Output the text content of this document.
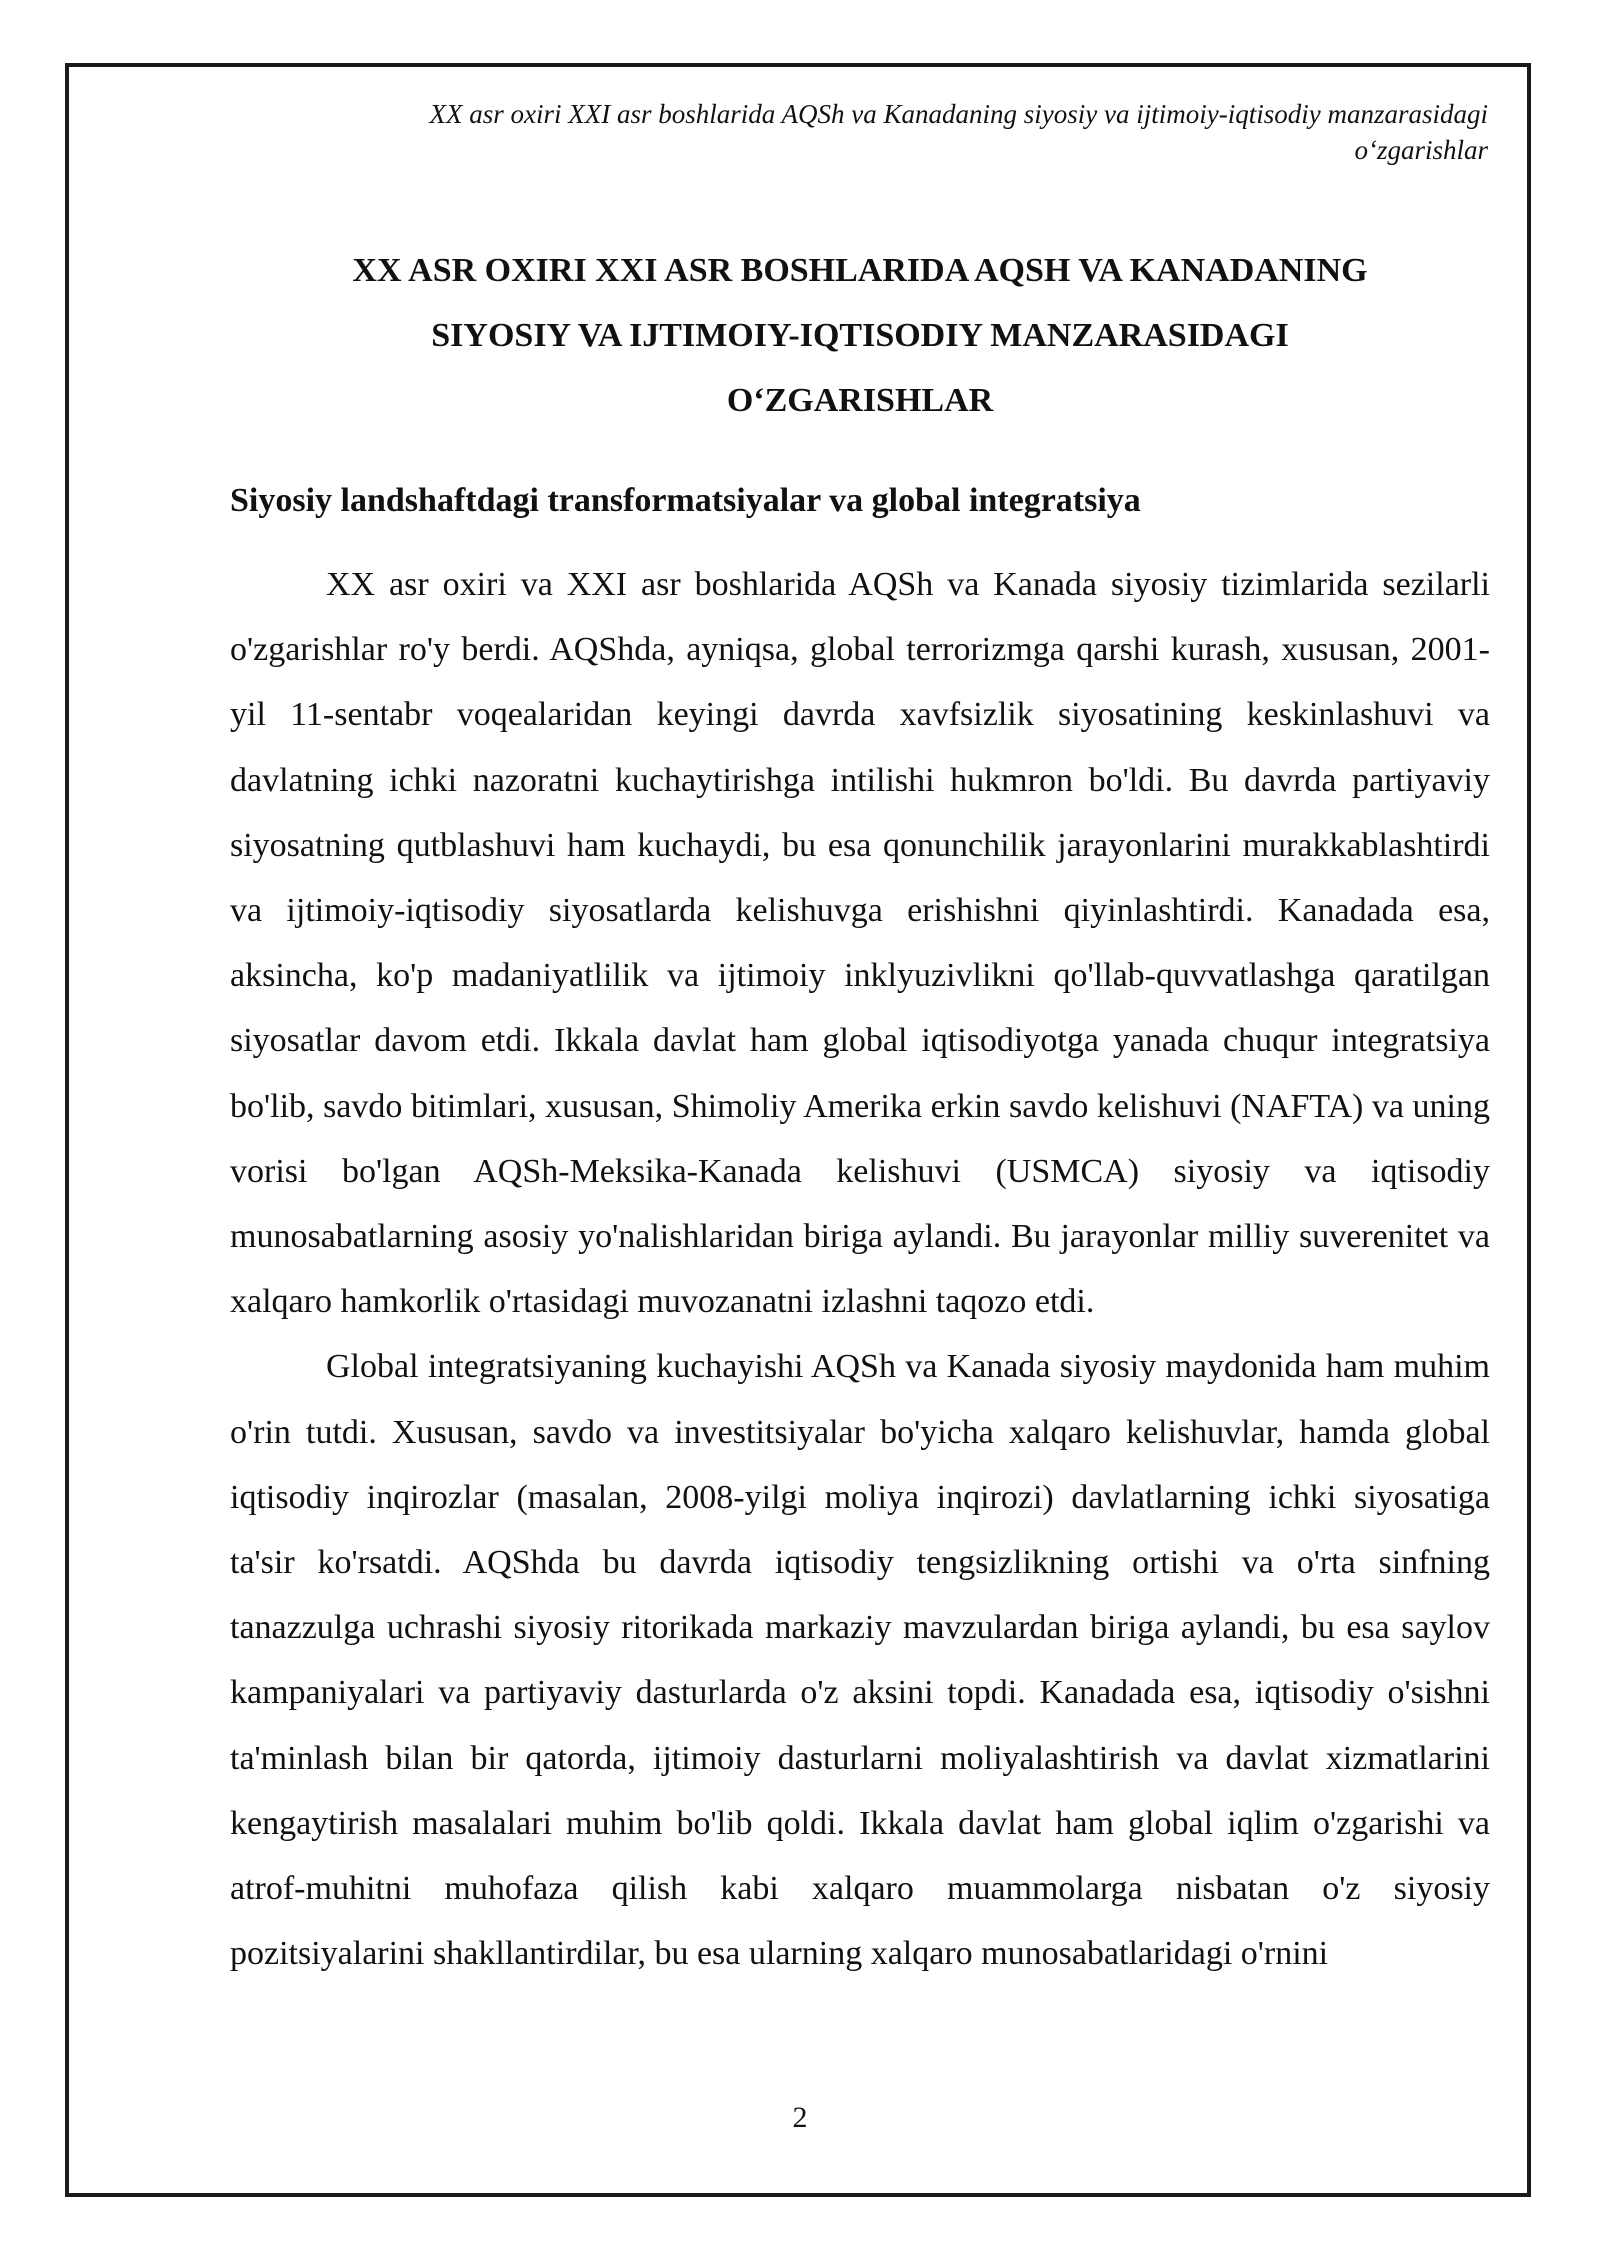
XX asr oxiri XXI asr boshlarida AQSh va Kanadaning siyosiy va ijtimoiy-iqtisodiy manzarasidagi
o‘zgarishlar
XX ASR OXIRI XXI ASR BOSHLARIDA AQSH VA KANADANING
SIYOSIY VA IJTIMOIY-IQTISODIY MANZARASIDAGI
O‘ZGARISHLAR
Siyosiy landshaftdagi transformatsiyalar va global integratsiya

XX asr oxiri va XXI asr boshlarida AQSh va Kanada siyosiy tizimlarida sezilarli o'zgarishlar ro'y berdi. AQShda, ayniqsa, global terrorizmga qarshi kurash, xususan, 2001-yil 11-sentabr voqealaridan keyingi davrda xavfsizlik siyosatining keskinlashuvi va davlatning ichki nazoratni kuchaytirishga intilishi hukmron bo'ldi. Bu davrda partiyaviy siyosatning qutblashuvi ham kuchaydi, bu esa qonunchilik jarayonlarini murakkablashtirdi va ijtimoiy-iqtisodiy siyosatlarda kelishuvga erishishni qiyinlashtirdi. Kanadada esa, aksincha, ko'p madaniyatlilik va ijtimoiy inklyuzivlikni qo'llab-quvvatlashga qaratilgan siyosatlar davom etdi. Ikkala davlat ham global iqtisodiyotga yanada chuqur integratsiya bo'lib, savdo bitimlari, xususan, Shimoliy Amerika erkin savdo kelishuvi (NAFTA) va uning vorisi bo'lgan AQSh-Meksika-Kanada kelishuvi (USMCA) siyosiy va iqtisodiy munosabatlarning asosiy yo'nalishlaridan biriga aylandi. Bu jarayonlar milliy suverenitet va xalqaro hamkorlik o'rtasidagi muvozanatni izlashni taqozo etdi.

Global integratsiyaning kuchayishi AQSh va Kanada siyosiy maydonida ham muhim o'rin tutdi. Xususan, savdo va investitsiyalar bo'yicha xalqaro kelishuvlar, hamda global iqtisodiy inqirozlar (masalan, 2008-yilgi moliya inqirozi) davlatlarning ichki siyosatiga ta'sir ko'rsatdi. AQShda bu davrda iqtisodiy tengsizlikning ortishi va o'rta sinfning tanazzulga uchrashi siyosiy ritorikada markaziy mavzulardan biriga aylandi, bu esa saylov kampaniyalari va partiyaviy dasturlarda o'z aksini topdi. Kanadada esa, iqtisodiy o'sishni ta'minlash bilan bir qatorda, ijtimoiy dasturlarni moliyalashtirish va davlat xizmatlarini kengaytirish masalalari muhim bo'lib qoldi. Ikkala davlat ham global iqlim o'zgarishi va atrof-muhitni muhofaza qilish kabi xalqaro muammolarga nisbatan o'z siyosiy pozitsiyalarini shakllantirdilar, bu esa ularning xalqaro munosabatlaridagi o'rnini

2
